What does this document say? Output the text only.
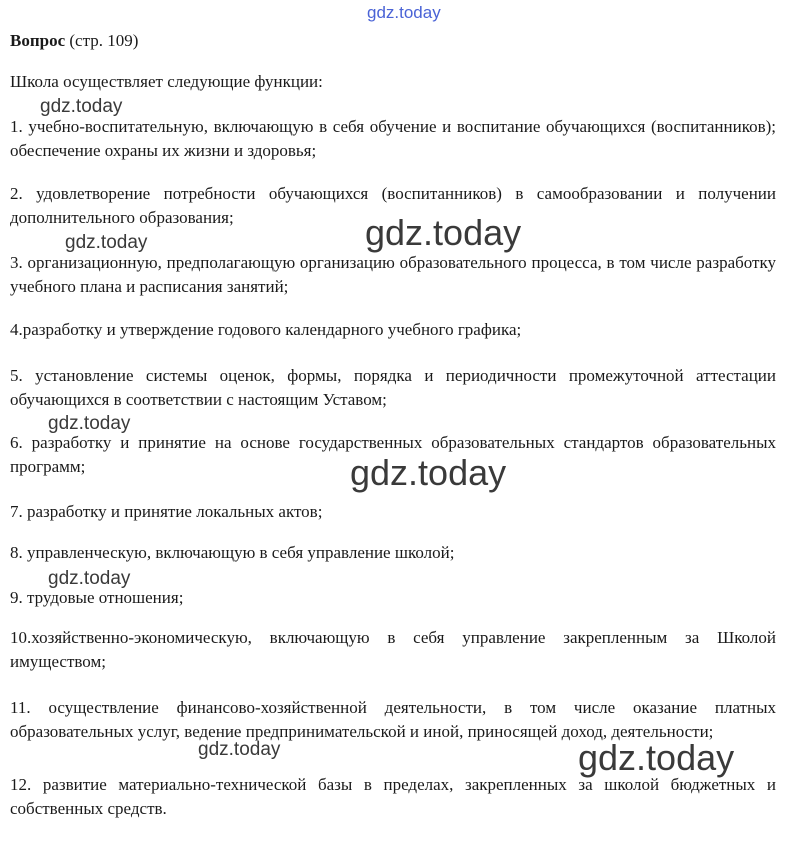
gdz.today
Вопрос (стр. 109)
Школа осуществляет следующие функции:
1. учебно-воспитательную, включающую в себя обучение и воспитание обучающихся (воспитанников); обеспечение охраны их жизни и здоровья;
2. удовлетворение потребности обучающихся (воспитанников) в самообразовании и получении дополнительного образования;
3. организационную, предполагающую организацию образовательного процесса, в том числе разработку учебного плана и расписания занятий;
4.разработку и утверждение годового календарного учебного графика;
5. установление системы оценок, формы, порядка и периодичности промежуточной аттестации обучающихся в соответствии с настоящим Уставом;
6. разработку и принятие на основе государственных образовательных стандартов образовательных программ;
7. разработку и принятие локальных актов;
8. управленческую, включающую в себя управление школой;
9. трудовые отношения;
10.хозяйственно-экономическую, включающую в себя управление закрепленным за Школой имуществом;
11. осуществление финансово-хозяйственной деятельности, в том числе оказание платных образовательных услуг, ведение предпринимательской и иной, приносящей доход, деятельности;
12. развитие материально-технической базы в пределах, закрепленных за школой бюджетных и собственных средств.
gdz.today
gdz.today	gdz.today
gdz.today
gdz.today
gdz.today
gdz.today	gdz.today
